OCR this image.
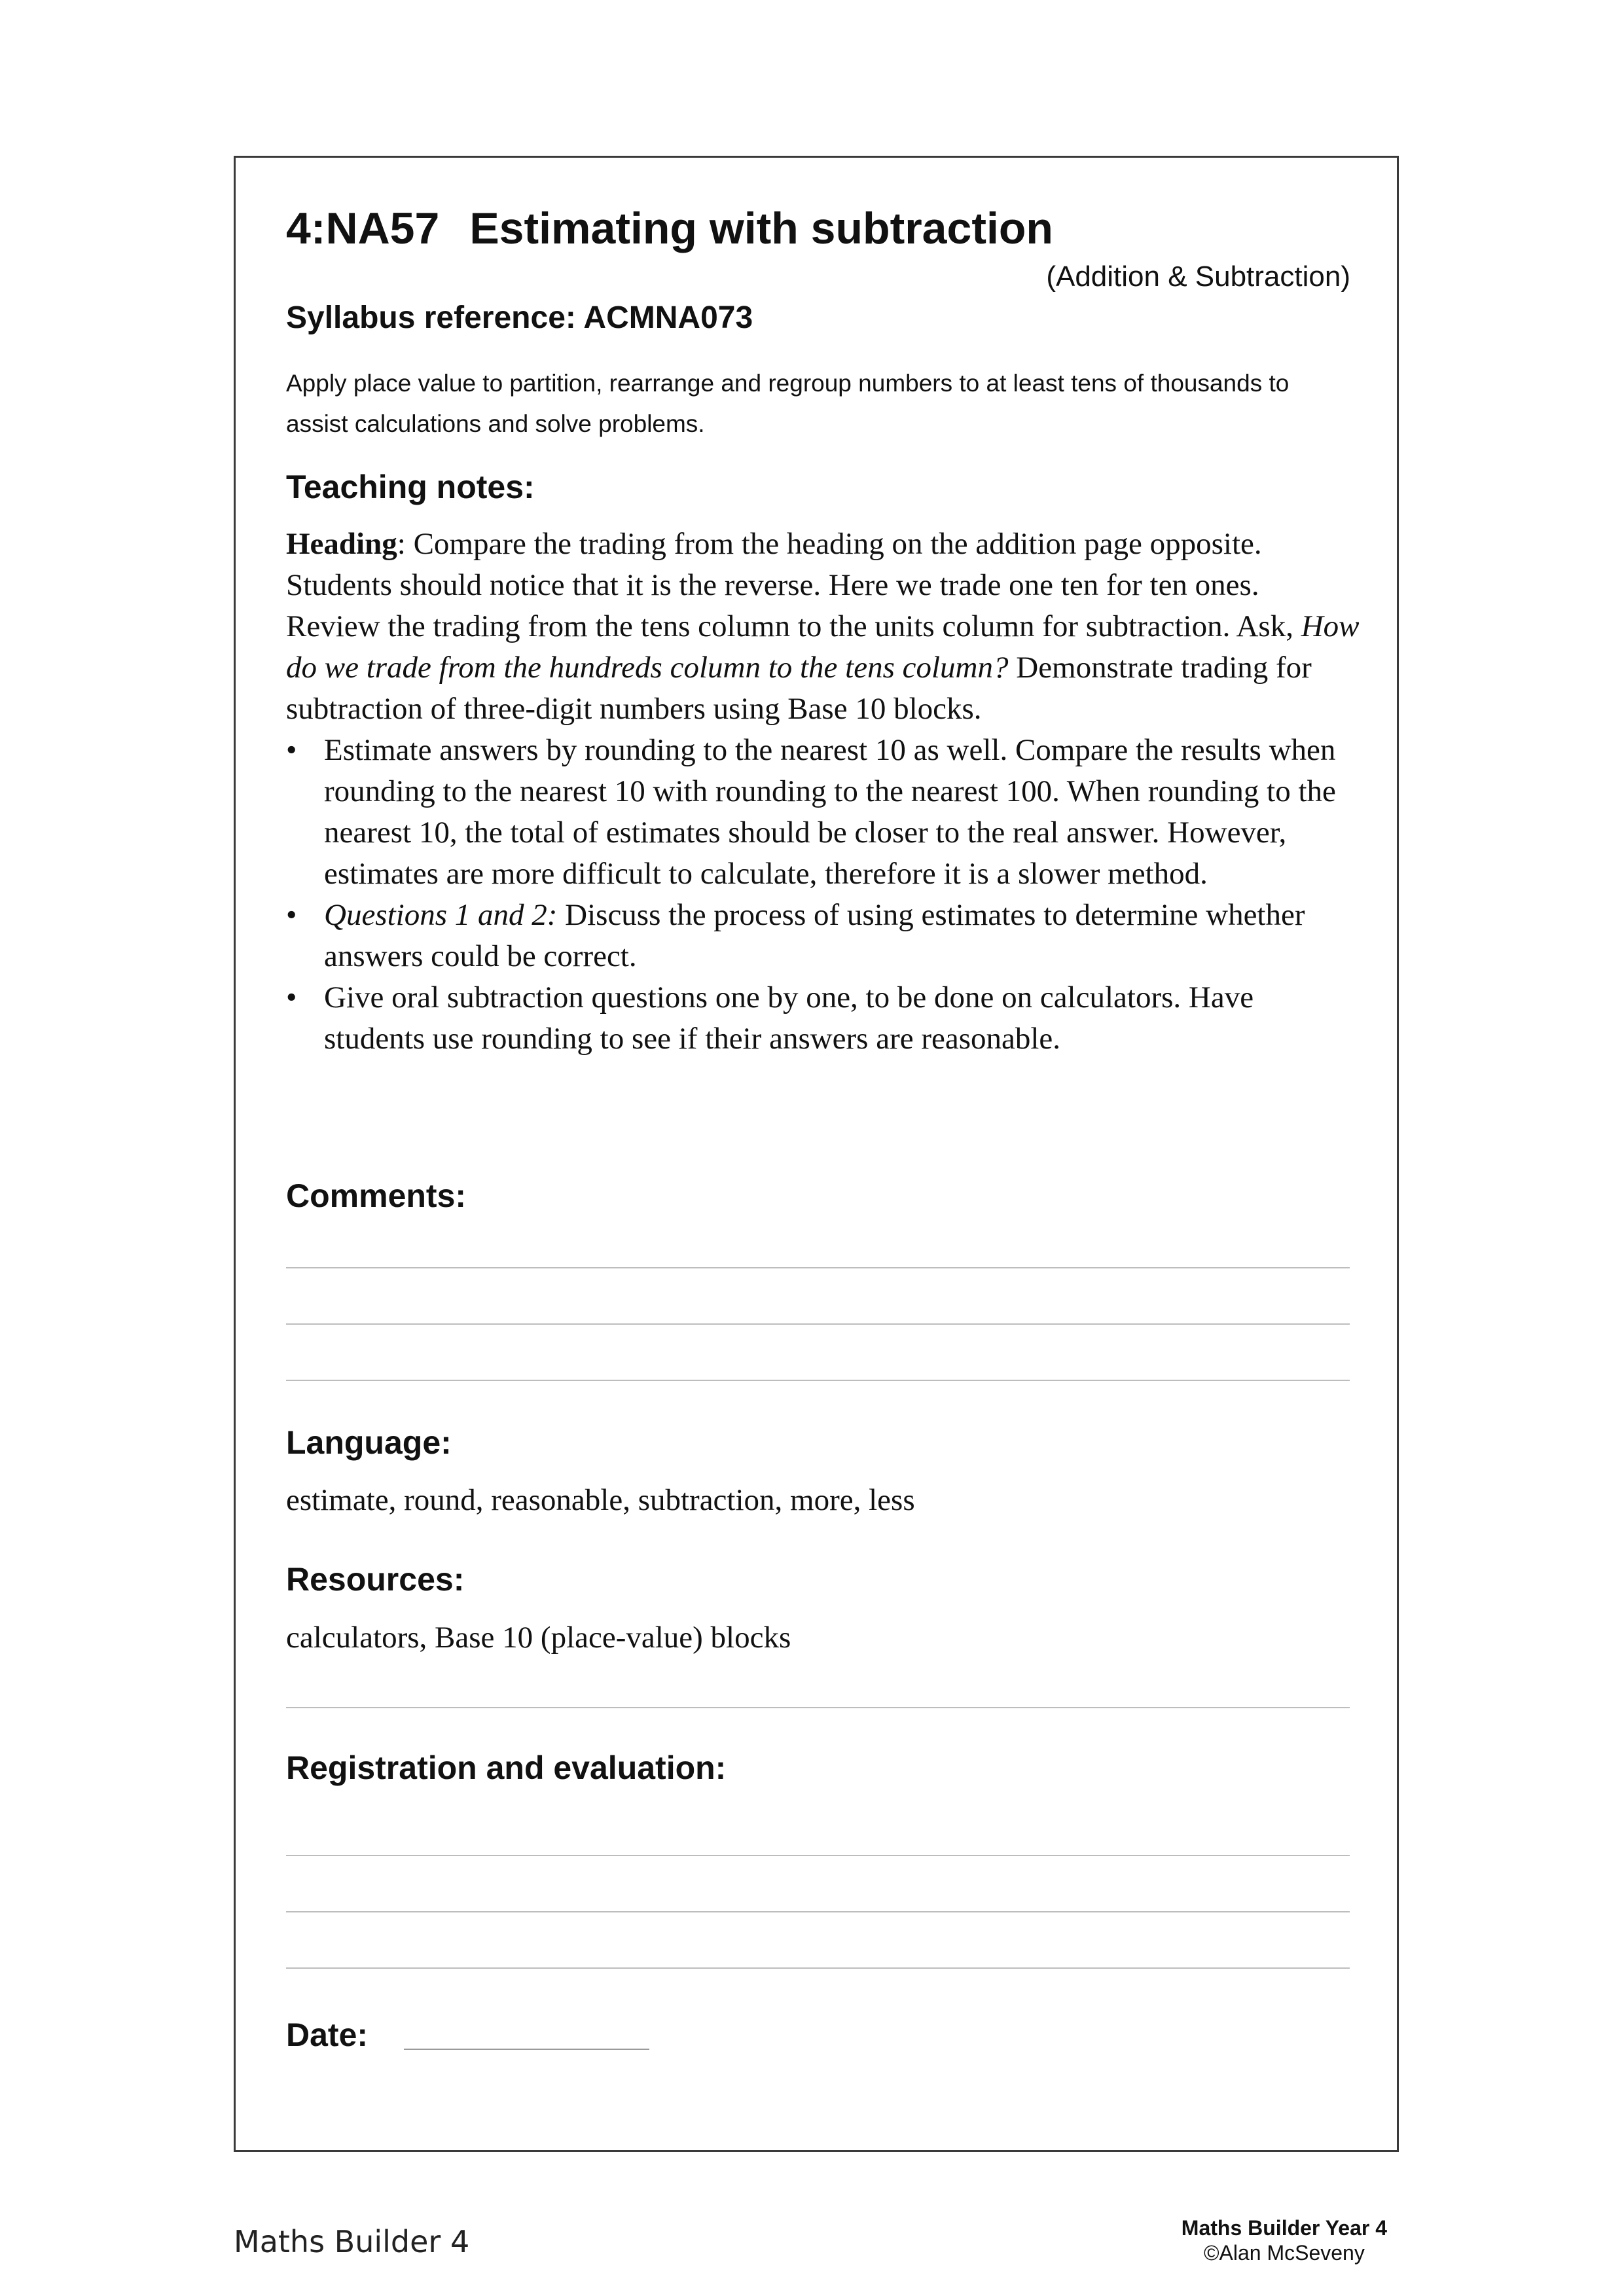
4:NA57 Estimating with subtraction
(Addition & Subtraction)
Syllabus reference: ACMNA073
Apply place value to partition, rearrange and regroup numbers to at least tens of thousands to assist calculations and solve problems.
Teaching notes:

Heading: Compare the trading from the heading on the addition page opposite. Students should notice that it is the reverse. Here we trade one ten for ten ones. Review the trading from the tens column to the units column for subtraction. Ask, How do we trade from the hundreds column to the tens column? Demonstrate trading for subtraction of three-digit numbers using Base 10 blocks.

• Estimate answers by rounding to the nearest 10 as well. Compare the results when rounding to the nearest 10 with rounding to the nearest 100. When rounding to the nearest 10, the total of estimates should be closer to the real answer. However, estimates are more difficult to calculate, therefore it is a slower method.
• Questions 1 and 2: Discuss the process of using estimates to determine whether answers could be correct.
• Give oral subtraction questions one by one, to be done on calculators. Have students use rounding to see if their answers are reasonable.
Comments:
Language:
estimate, round, reasonable, subtraction, more, less
Resources:
calculators, Base 10 (place-value) blocks
Registration and evaluation:
Date:
Maths Builder 4	Maths Builder Year 4
©Alan McSeveny
